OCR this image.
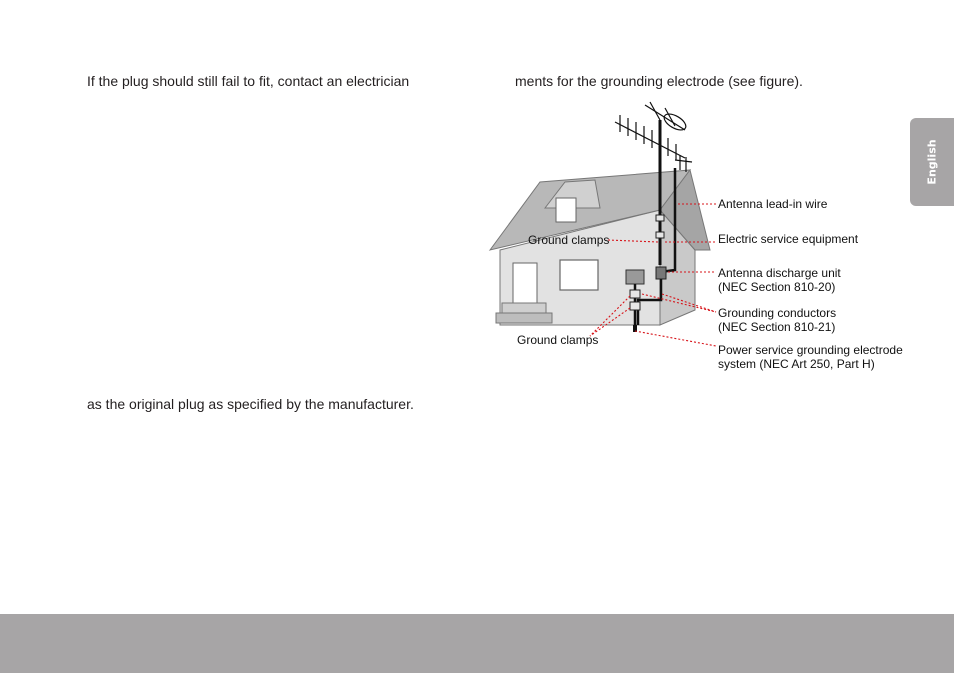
If the plug should still fail to fit, contact an electrician	ments for the grounding electrode (see figure).
as the original plug as specified by the manufacturer.
English
Antenna lead-in wire
Electric service equipment
Antenna discharge unit
(NEC Section 810-20)
Grounding conductors
(NEC Section 810-21)
Power service grounding electrode
system (NEC Art 250, Part H)
Ground clamps
Ground clamps
